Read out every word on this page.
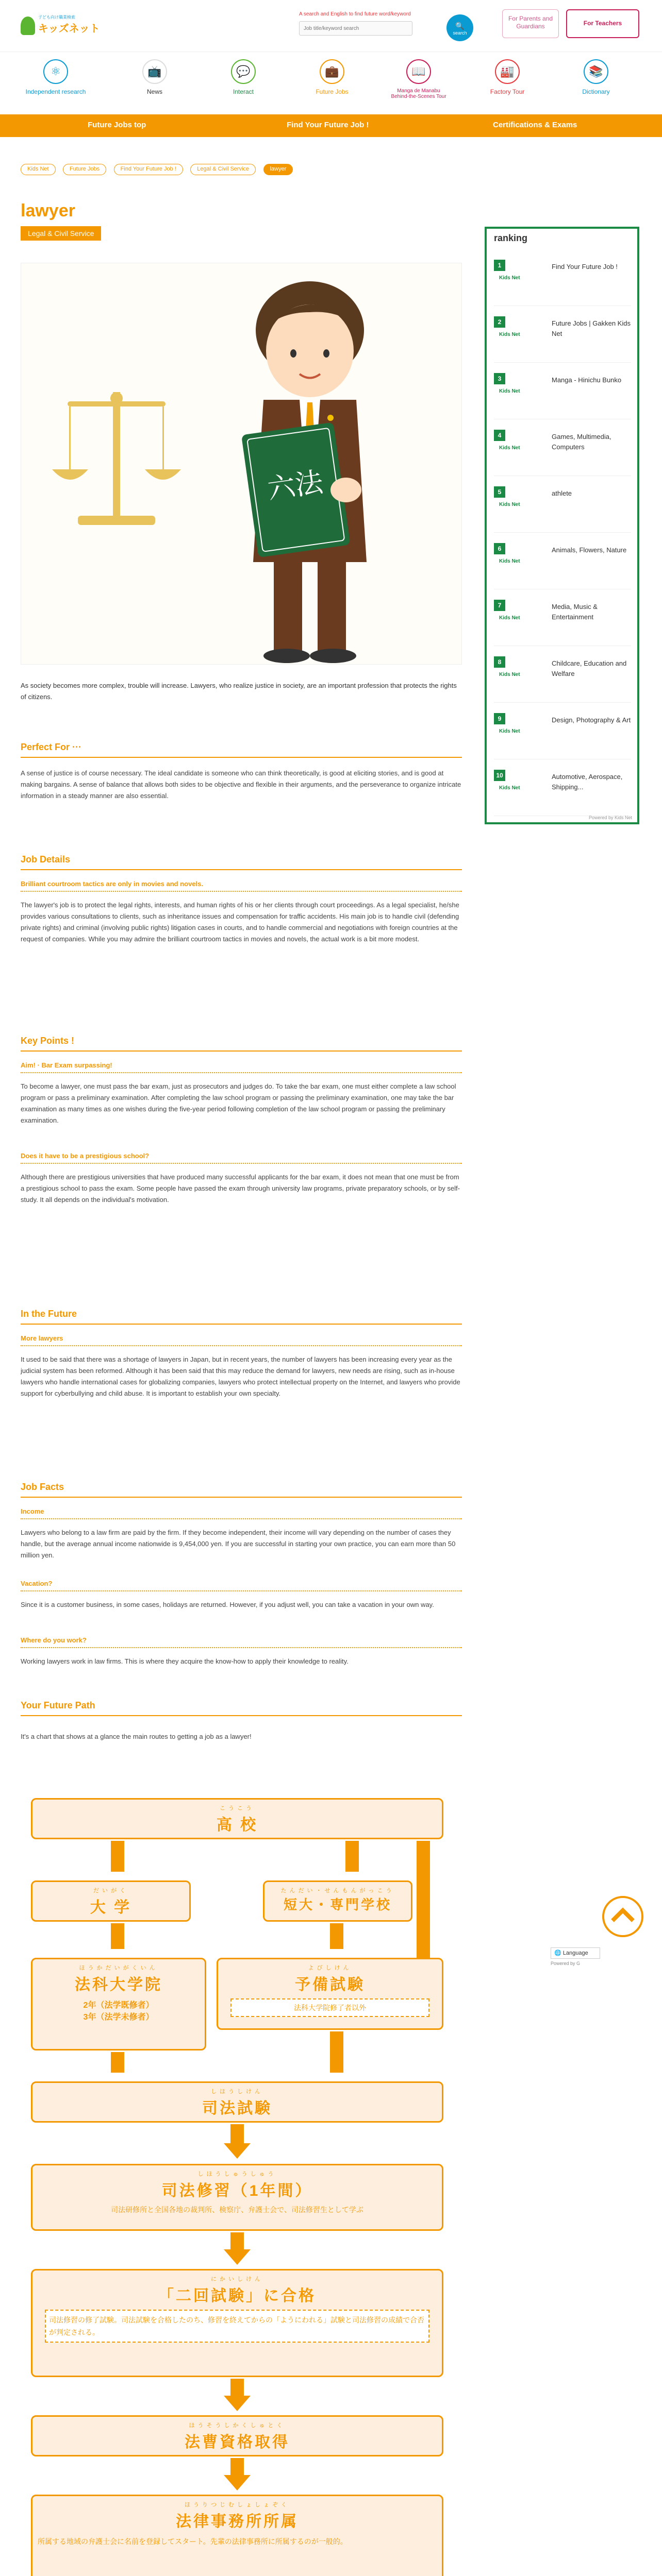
子ども向け職業検索
キッズネット
A search and English to find future word/keyword
Job title/keyword search
🔍
search
For Parents and Guardians	For Teachers
⚛
Independent research
📺
News
💬
Interact
💼
Future Jobs
📖
Manga de Manabu Behind-the-Scenes Tour
🏭
Factory Tour
📚
Dictionary
Future Jobs top	Find Your Future Job !	Certifications & Exams
Kids Net	Future Jobs	Find Your Future Job !	Legal & Civil Service	lawyer
lawyer
Legal & Civil Service
六法
As society becomes more complex, trouble will increase. Lawyers, who realize justice in society, are an important profession that protects the rights of citizens.
Perfect For ···
A sense of justice is of course necessary. The ideal candidate is someone who can think theoretically, is good at eliciting stories, and is good at making bargains. A sense of balance that allows both sides to be objective and flexible in their arguments, and the perseverance to organize intricate information in a steady manner are also essential.
Job Details
Brilliant courtroom tactics are only in movies and novels.
The lawyer's job is to protect the legal rights, interests, and human rights of his or her clients through court proceedings. As a legal specialist, he/she provides various consultations to clients, such as inheritance issues and compensation for traffic accidents. His main job is to handle civil (defending private rights) and criminal (involving public rights) litigation cases in courts, and to handle commercial and negotiations with foreign countries at the request of companies. While you may admire the brilliant courtroom tactics in movies and novels, the actual work is a bit more modest.
Key Points !
Aim! · Bar Exam surpassing!
To become a lawyer, one must pass the bar exam, just as prosecutors and judges do. To take the bar exam, one must either complete a law school program or pass a preliminary examination. After completing the law school program or passing the preliminary examination, one may take the bar examination as many times as one wishes during the five-year period following completion of the law school program or passing the preliminary examination.
Does it have to be a prestigious school?
Although there are prestigious universities that have produced many successful applicants for the bar exam, it does not mean that one must be from a prestigious school to pass the exam. Some people have passed the exam through university law programs, private preparatory schools, or by self-study. It all depends on the individual's motivation.
In the Future
More lawyers
It used to be said that there was a shortage of lawyers in Japan, but in recent years, the number of lawyers has been increasing every year as the judicial system has been reformed. Although it has been said that this may reduce the demand for lawyers, new needs are rising, such as in-house lawyers who handle international cases for globalizing companies, lawyers who protect intellectual property on the Internet, and lawyers who provide support for cyberbullying and child abuse. It is important to establish your own specialty.
Job Facts
Income
Lawyers who belong to a law firm are paid by the firm. If they become independent, their income will vary depending on the number of cases they handle, but the average annual income nationwide is 9,454,000 yen. If you are successful in starting your own practice, you can earn more than 50 million yen.
Vacation?
Since it is a customer business, in some cases, holidays are returned. However, if you adjust well, you can take a vacation in your own way.
Where do you work?
Working lawyers work in law firms. This is where they acquire the know-how to apply their knowledge to reality.
Your Future Path
It's a chart that shows at a glance the main routes to getting a job as a lawyer!
こうこう
高 校
だいがく
大 学
たんだい・せんもんがっこう
短大・専門学校
ほうかだいがくいん
法科大学院
2年（法学既修者）
3年（法学未修者）
よびしけん
予備試験
法科大学院修了者以外
しほうしけん
司法試験
しほうしゅうしゅう
司法修習（1年間）
司法研修所と全国各地の裁判所、検察庁、弁護士会で、司法修習生として学ぶ
にかいしけん
「二回試験」に合格
司法修習の修了試験。司法試験を合格したのち、修習を終えてからの「ようにわれる」試験と司法修習の成績で合否が判定される。
ほうそうしかくしゅとく
法曹資格取得
ほうりつじむしょしょぞく
法律事務所所属
所属する地域の弁護士会に名前を登録してスタート。先輩の法律事務所に所属するのが一般的。
ranking
1
Kids Net
Find Your Future Job !
2
Kids Net
Future Jobs | Gakken Kids Net
3
Kids Net
Manga ‐ Hinichu Bunko
4
Kids Net
Games, Multimedia, Computers
5
Kids Net
athlete
6
Kids Net
Animals, Flowers, Nature
7
Kids Net
Media, Music & Entertainment
8
Kids Net
Childcare, Education and Welfare
9
Kids Net
Design, Photography & Art
10
Kids Net
Automotive, Aerospace, Shipping...
Powered by Kids Net
🌐 Language
Powered by G
